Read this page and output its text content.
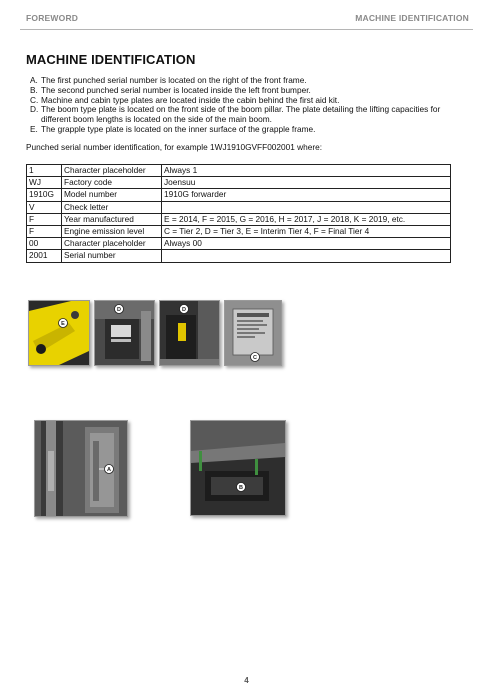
FOREWORD	MACHINE IDENTIFICATION
MACHINE IDENTIFICATION
A. The first punched serial number is located on the right of the front frame.
B. The second punched serial number is located inside the left front bumper.
C. Machine and cabin type plates are located inside the cabin behind the first aid kit.
D. The boom type plate is located on the front side of the boom pillar. The plate detailing the lifting capacities for different boom lengths is located on the side of the main boom.
E. The grapple type plate is located on the inner surface of the grapple frame.
Punched serial number identification, for example 1WJ1910GVFF002001 where:
1	Character placeholder	Always 1
WJ	Factory code	Joensuu
1910G	Model number	1910G forwarder
V	Check letter	
F	Year manufactured	E = 2014, F = 2015, G = 2016, H = 2017, J = 2018, K = 2019, etc.
F	Engine emission level	C = Tier 2, D = Tier 3, E = Interim Tier 4, F = Final Tier 4
00	Character placeholder	Always 00
2001	Serial number	
E
D	D
C
A
B
4
